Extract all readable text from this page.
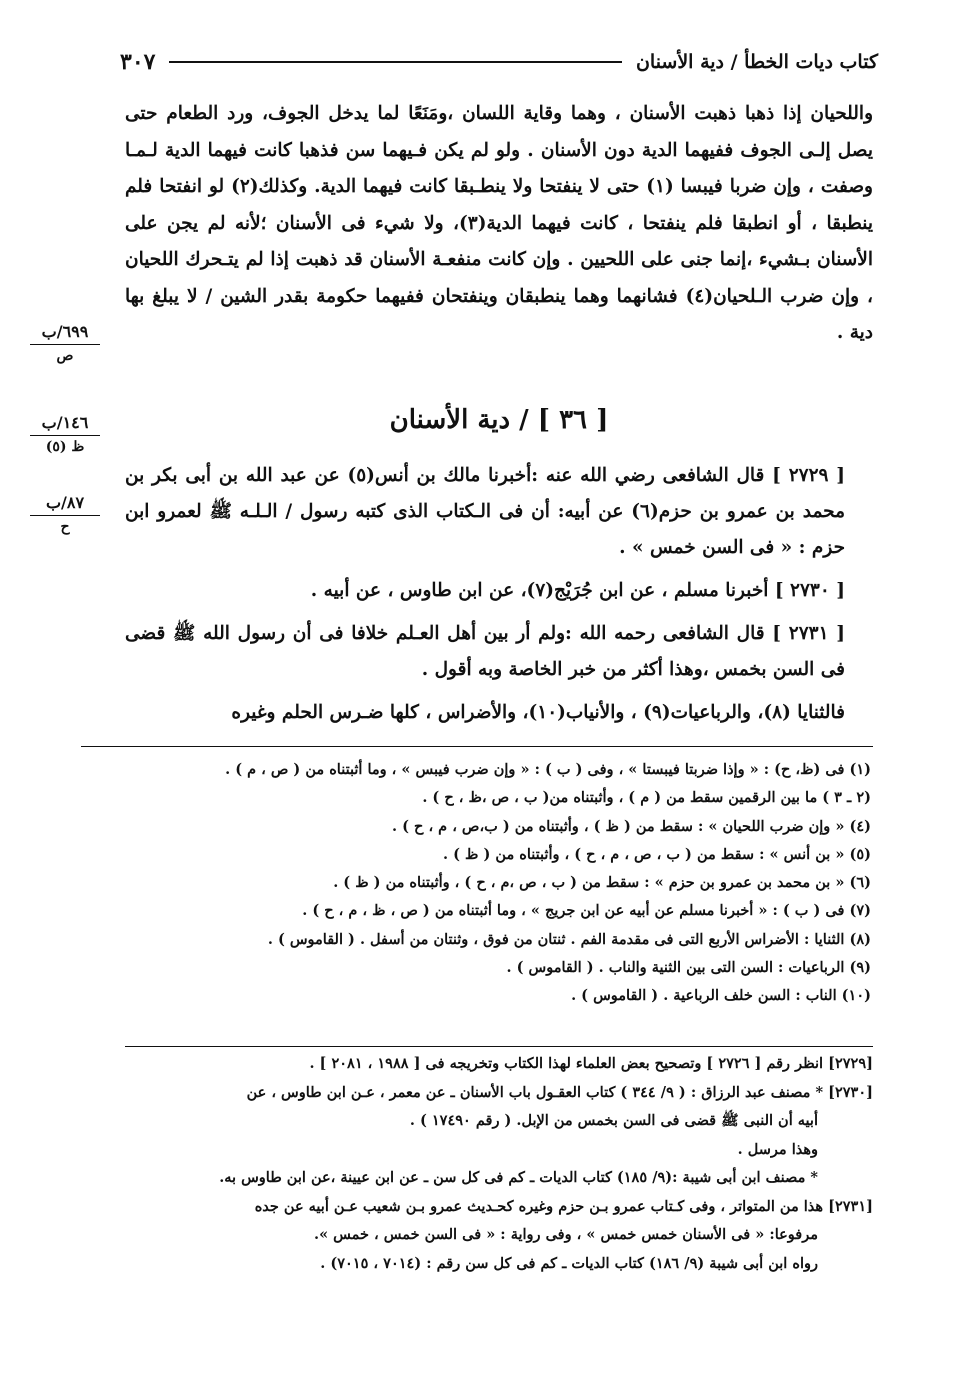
كتاب ديات الخطأ / دية الأسنان
٣٠٧

واللحيان إذا ذهبا ذهبت الأسنان ، وهما وقاية اللسان ،ومَنَعًا لما يدخل الجوف، ورد الطعام حتى يصل إلـى الجوف ففيهما الدية دون الأسنان . ولو لم يكن فـيهما سن فذهبا كانت فيهما الدية لـمـا وصفت ، وإن ضربا فيبسا (١) حتى لا ينفتحا ولا ينطـبقا كانت فيهما الدية. وكذلك(٢) لو انفتحا فلم ينطبقا ، أو انطبقا فلم ينفتحا ، كانت فيهما الدية(٣)، ولا شيء فى الأسنان ؛لأنه لم يجن على الأسنان بـشيء ،إنما جنى على اللحيين . وإن كانت منفعـة الأسنان قد ذهبت إذا لم يتـحرك اللحيان ، وإن ضرب الـلحيان(٤) فشانهما وهما ينطبقان وينفتحان ففيهما حكومة بقدر الشين / لا يبلغ بها دية .

٦٩٩/ب
ص
١٤٦/ب
ظ (٥)
٨٧/ب
ح
[ ٣٦ ] / دية الأسنان

[ ٢٧٢٩ ] قال الشافعى رضي الله عنه :أخبرنا مالك بن أنس(٥) عن عبد الله بن أبى بكر بن محمد بن عمرو بن حزم(٦) عن أبيه: أن فى الـكتاب الذى كتبه رسول / الـلـه ﷺ لعمرو ابن حزم : « فى السن خمس » .

[ ٢٧٣٠ ] أخبرنا مسلم ، عن ابن جُرَيْج(٧)، عن ابن طاوس ، عن أبيه .

[ ٢٧٣١ ] قال الشافعى رحمه الله :ولم أر بين أهل العـلم خلافا فى أن رسول الله ﷺ قضى فى السن بخمس ،وهذا أكثر من خبر الخاصة وبه أقول .

فالثنايا (٨)، والرباعيات(٩) ، والأنياب(١٠)، والأضراس ، كلها ضـرس الحلم وغيره

(١) فى (ظ، ح) : « وإذا ضربتا فيبستا » ، وفى ( ب ) : « وإن ضرب فيبس » ، وما أثبتناه من ( ص ، م ) .
(٢ ـ ٣ ) ما بين الرقمين سقط من ( م ) ، وأثبتناه من( ب ، ص ،ظ ، ح ) .
(٤) « وإن ضرب اللحيان » : سقط من ( ظ ) ، وأثبتناه من ( ب،ص ، م ، ح ) .
(٥) « بن أنس » : سقط من ( ب ، ص ، م ، ح ) ، وأثبتناه من ( ظ ) .
(٦) « بن محمد بن عمرو بن حزم » : سقط من ( ب ، ص ،م ، ح ) ، وأثبتناه من ( ظ ) .
(٧) فى ( ب ) : « أخبرنا مسلم عن أبيه عن ابن جريج » ، وما أثبتناه من ( ص ، ظ ، م ، ح ) .
(٨) الثنايا : الأضراس الأربع التى فى مقدمة الفم . ثنتان من فوق ، وثنتان من أسفل . ( القاموس ) .
(٩) الرباعيات : السن التى بين الثنية والناب . ( القاموس ) .
(١٠) الناب : السن خلف الرباعية . ( القاموس ) .
[٢٧٢٩] انظر رقم [ ٢٧٢٦ ] وتصحيح بعض العلماء لهذا الكتاب وتخريجه فى [ ١٩٨٨ ، ٢٠٨١ ] .
[٢٧٣٠] * مصنف عبد الرزاق : ( ٩/ ٣٤٤ ) كتاب العقـول باب الأسنان ـ عن معمر ، عـن ابن طاوس ، عن
أبيه أن النبى ﷺ قضى فى السن بخمس من الإبل. ( رقم ١٧٤٩٠ ) .
وهذا مرسل .
* مصنف ابن أبى شيبة :(٩/ ١٨٥) كتاب الديات ـ كم فى كل سن ـ عن ابن عيينة ،عن ابن طاوس به.
[٢٧٣١] هذا من المتواتر ، وفى كـتاب عمرو بـن حزم وغيره كحـديث عمرو بـن شعيب عـن أبيه عن جده
مرفوعا: « فى الأسنان خمس خمس » ، وفى رواية : « فى السن خمس ، خمس ».
رواه ابن أبى شيبة (٩/ ١٨٦) كتاب الديات ـ كم فى كل سن رقم : (٧٠١٤ ، ٧٠١٥) .
